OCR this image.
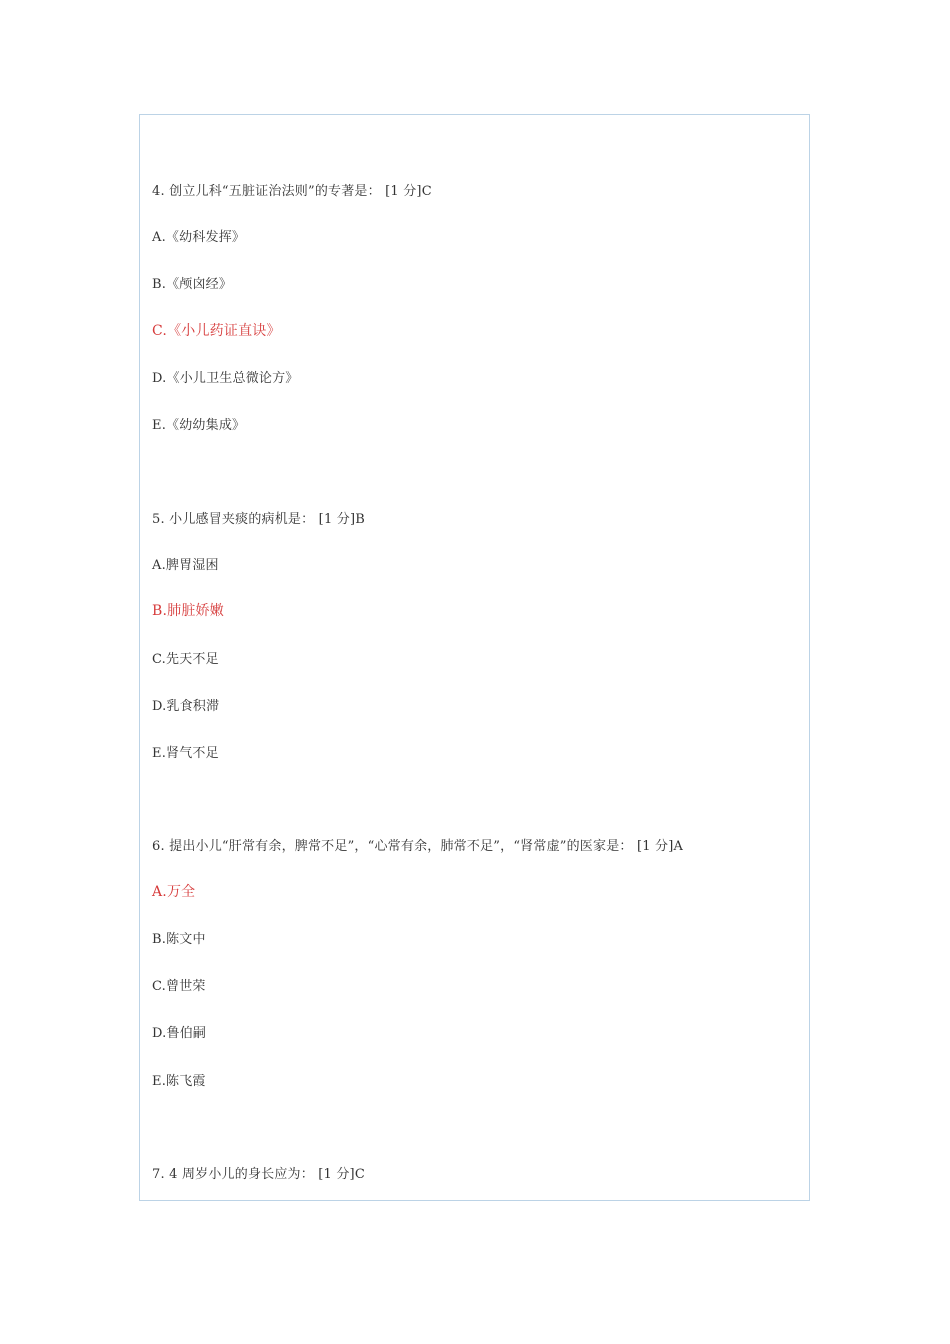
4. 创立儿科“五脏证治法则”的专著是： [1 分]C
A.《幼科发挥》
B.《颅囟经》
C.《小儿药证直诀》
D.《小儿卫生总微论方》
E.《幼幼集成》
5. 小儿感冒夹痰的病机是： [1 分]B
A.脾胃湿困
B.肺脏娇嫩
C.先天不足
D.乳食积滞
E.肾气不足
6. 提出小儿“肝常有余，脾常不足”，“心常有余，肺常不足”，“肾常虚”的医家是： [1 分]A
A.万全
B.陈文中
C.曾世荣
D.鲁伯嗣
E.陈飞霞
7. 4 周岁小儿的身长应为： [1 分]C
